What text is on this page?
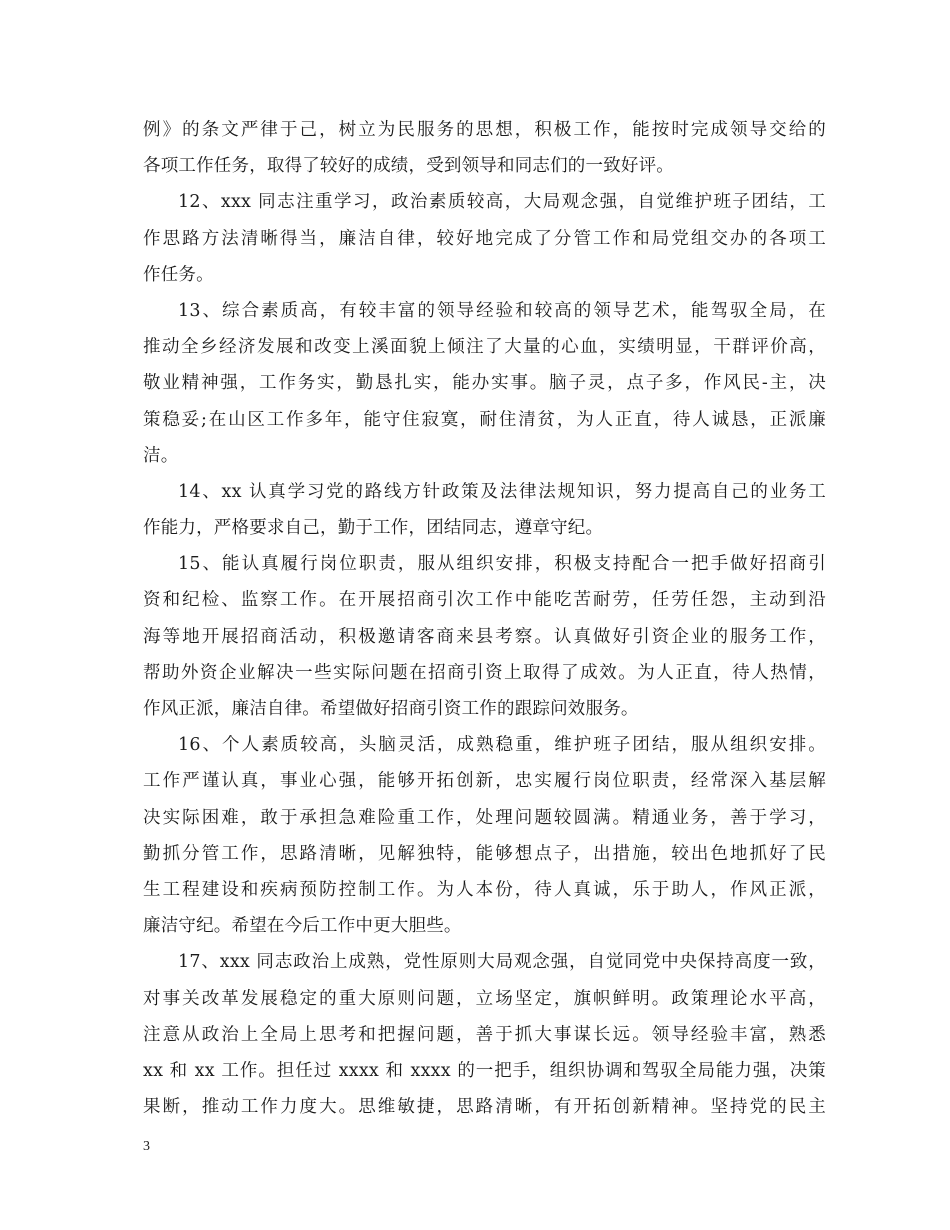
例》的条文严律于己，树立为民服务的思想，积极工作，能按时完成领导交给的
各项工作任务，取得了较好的成绩，受到领导和同志们的一致好评。
12、xxx 同志注重学习，政治素质较高，大局观念强，自觉维护班子团结，工
作思路方法清晰得当，廉洁自律，较好地完成了分管工作和局党组交办的各项工
作任务。
13、综合素质高，有较丰富的领导经验和较高的领导艺术，能驾驭全局，在
推动全乡经济发展和改变上溪面貌上倾注了大量的心血，实绩明显，干群评价高，
敬业精神强，工作务实，勤恳扎实，能办实事。脑子灵，点子多，作风民-主，决
策稳妥;在山区工作多年，能守住寂寞，耐住清贫，为人正直，待人诚恳，正派廉
洁。
14、xx 认真学习党的路线方针政策及法律法规知识，努力提高自己的业务工
作能力，严格要求自己，勤于工作，团结同志，遵章守纪。
15、能认真履行岗位职责，服从组织安排，积极支持配合一把手做好招商引
资和纪检、监察工作。在开展招商引次工作中能吃苦耐劳，任劳任怨，主动到沿
海等地开展招商活动，积极邀请客商来县考察。认真做好引资企业的服务工作，
帮助外资企业解决一些实际问题在招商引资上取得了成效。为人正直，待人热情，
作风正派，廉洁自律。希望做好招商引资工作的跟踪问效服务。
16、个人素质较高，头脑灵活，成熟稳重，维护班子团结，服从组织安排。
工作严谨认真，事业心强，能够开拓创新，忠实履行岗位职责，经常深入基层解
决实际困难，敢于承担急难险重工作，处理问题较圆满。精通业务，善于学习，
勤抓分管工作，思路清晰，见解独特，能够想点子，出措施，较出色地抓好了民
生工程建设和疾病预防控制工作。为人本份，待人真诚，乐于助人，作风正派，
廉洁守纪。希望在今后工作中更大胆些。
17、xxx 同志政治上成熟，党性原则大局观念强，自觉同党中央保持高度一致，
对事关改革发展稳定的重大原则问题，立场坚定，旗帜鲜明。政策理论水平高，
注意从政治上全局上思考和把握问题，善于抓大事谋长远。领导经验丰富，熟悉
xx 和 xx 工作。担任过 xxxx 和 xxxx 的一把手，组织协调和驾驭全局能力强，决策
果断，推动工作力度大。思维敏捷，思路清晰，有开拓创新精神。坚持党的民主
3
